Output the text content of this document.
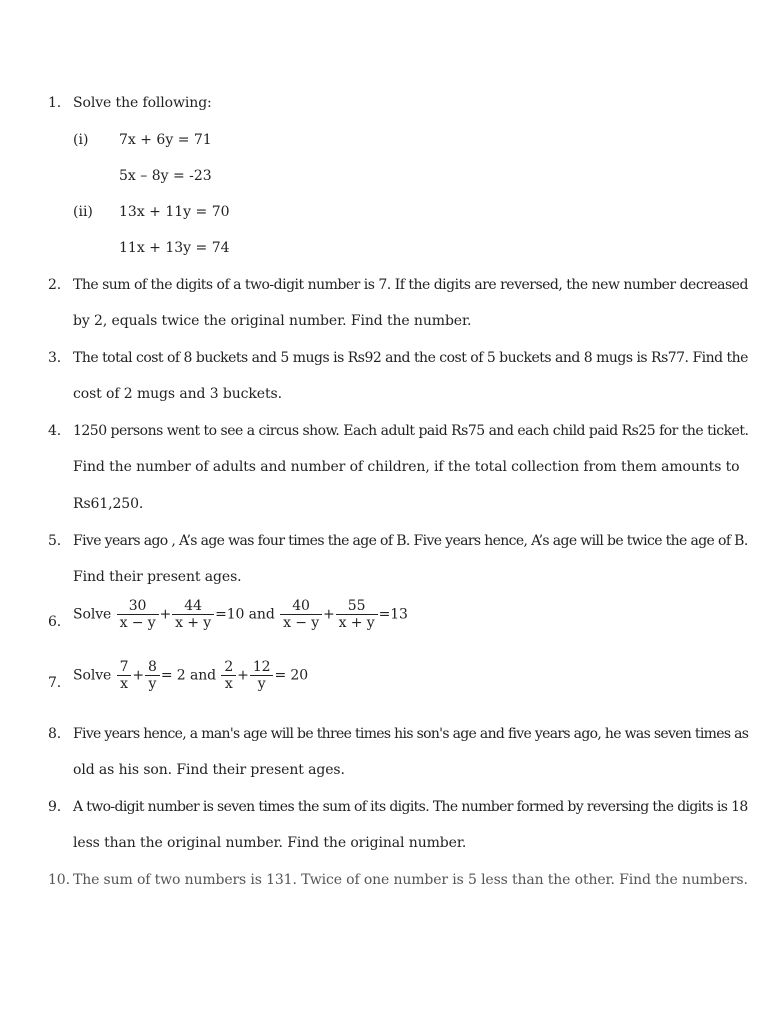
1. Solve the following:
(i) 7x + 6y = 71
5x – 8y = -23
(ii) 13x + 11y = 70
11x + 13y = 74
2. The sum of the digits of a two-digit number is 7. If the digits are reversed, the new number decreased
by 2, equals twice the original number. Find the number.
3. The total cost of 8 buckets and 5 mugs is Rs92 and the cost of 5 buckets and 8 mugs is Rs77. Find the
cost of 2 mugs and 3 buckets.
4. 1250 persons went to see a circus show. Each adult paid Rs75 and each child paid Rs25 for the ticket.
Find the number of adults and number of children, if the total collection from them amounts to
Rs61,250.
5. Five years ago , A’s age was four times the age of B. Five years hence, A’s age will be twice the age of B.
Find their present ages.
6. Solve $\frac{30}{x - y} + \frac{44}{x + y} =10$ and $\frac{40}{x - y} + \frac{55}{x + y} =13$
7. Solve $\frac{7}{x} + \frac{8}{y} = 2$ and $\frac{2}{x} + \frac{12}{y} = 20$
8. Five years hence, a man's age will be three times his son's age and five years ago, he was seven times as
old as his son. Find their present ages.
9. A two-digit number is seven times the sum of its digits. The number formed by reversing the digits is 18
less than the original number. Find the original number.
10. The sum of two numbers is 131. Twice of one number is 5 less than the other. Find the numbers.
